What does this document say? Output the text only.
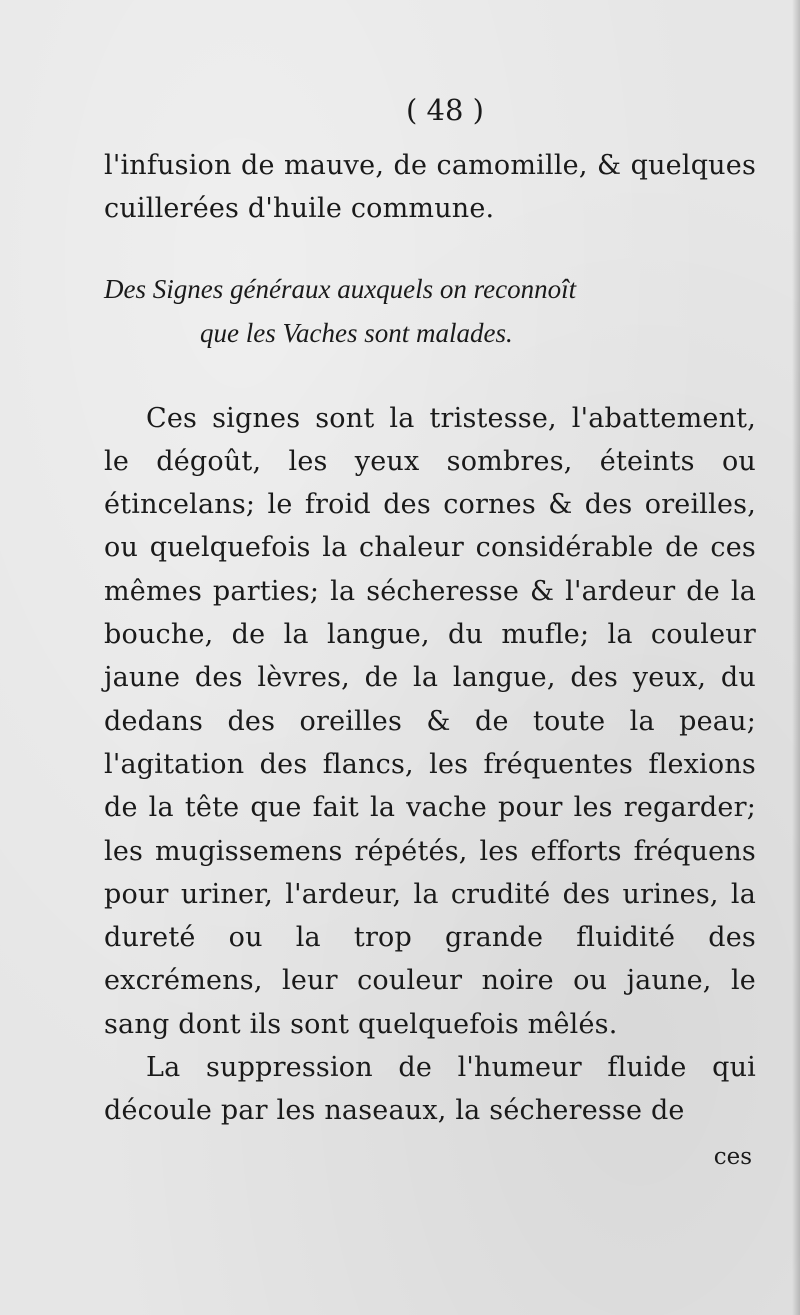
( 48 )

l'infusion de mauve, de camomille, & quelques cuillerées d'huile commune.

Des Signes généraux auxquels on reconnoît
que les Vaches sont malades.

Ces signes sont la tristesse, l'abattement, le dégoût, les yeux sombres, éteints ou étincelans; le froid des cornes & des oreilles, ou quelquefois la chaleur considérable de ces mêmes parties; la sécheresse & l'ardeur de la bouche, de la langue, du mufle; la couleur jaune des lèvres, de la langue, des yeux, du dedans des oreilles & de toute la peau; l'agitation des flancs, les fréquentes flexions de la tête que fait la vache pour les regarder; les mugissemens répétés, les efforts fréquens pour uriner, l'ardeur, la crudité des urines, la dureté ou la trop grande fluidité des excrémens, leur couleur noire ou jaune, le sang dont ils sont quelquefois mêlés.

La suppression de l'humeur fluide qui découle par les naseaux, la sécheresse de

ces
